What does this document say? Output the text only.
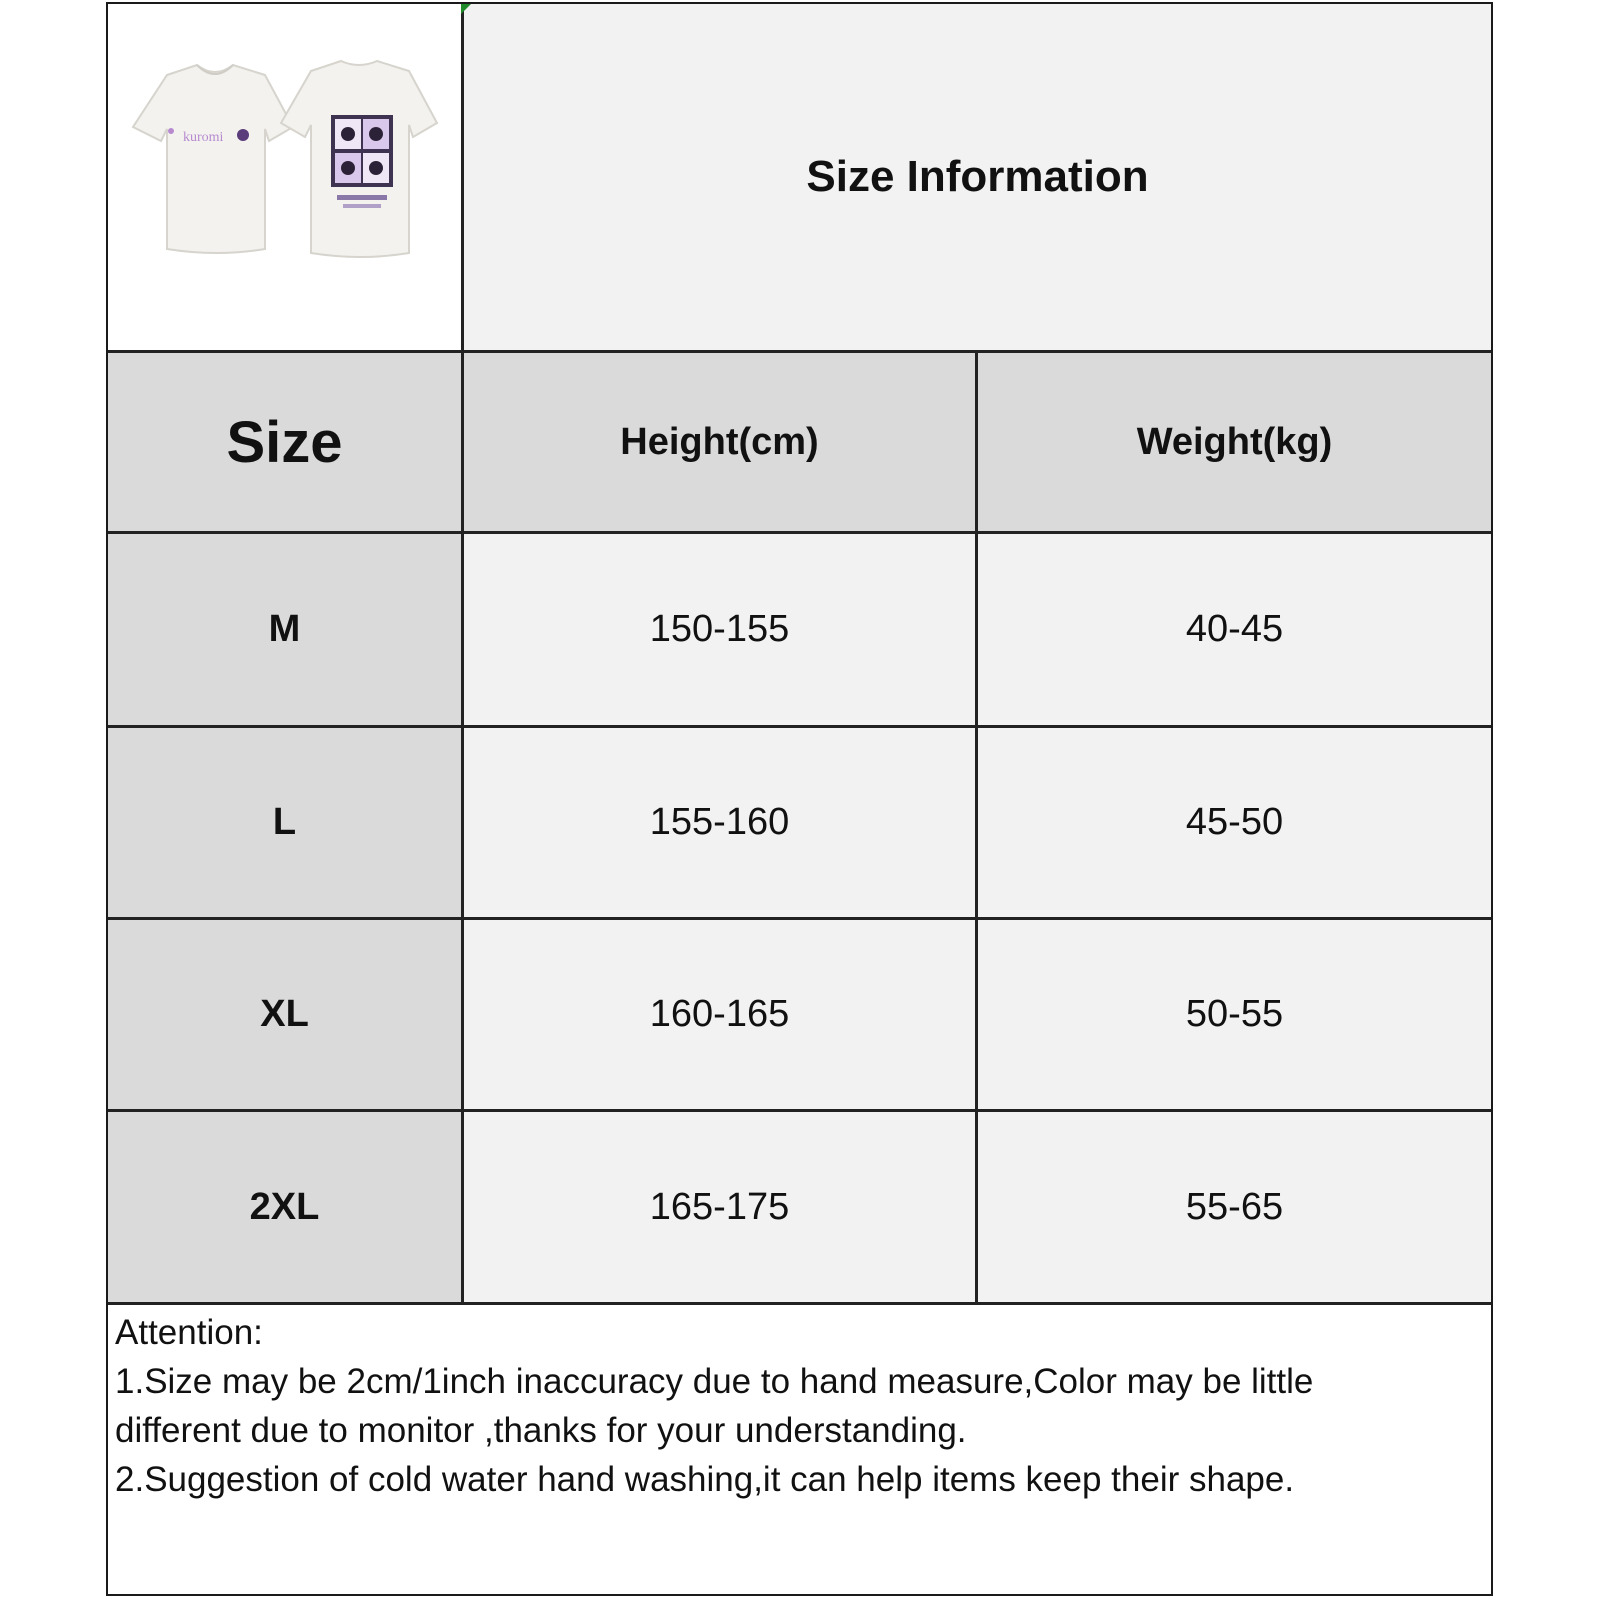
kuromi
Size Information
Size	Height(cm)	Weight(kg)
M	150-155	40-45
L	155-160	45-50
XL	160-165	50-55
2XL	165-175	55-65
Attention:
1.Size may be 2cm/1inch inaccuracy due to hand measure,Color may be little
different due to monitor ,thanks for your understanding.
2.Suggestion of cold water hand washing,it can help items keep their shape.
